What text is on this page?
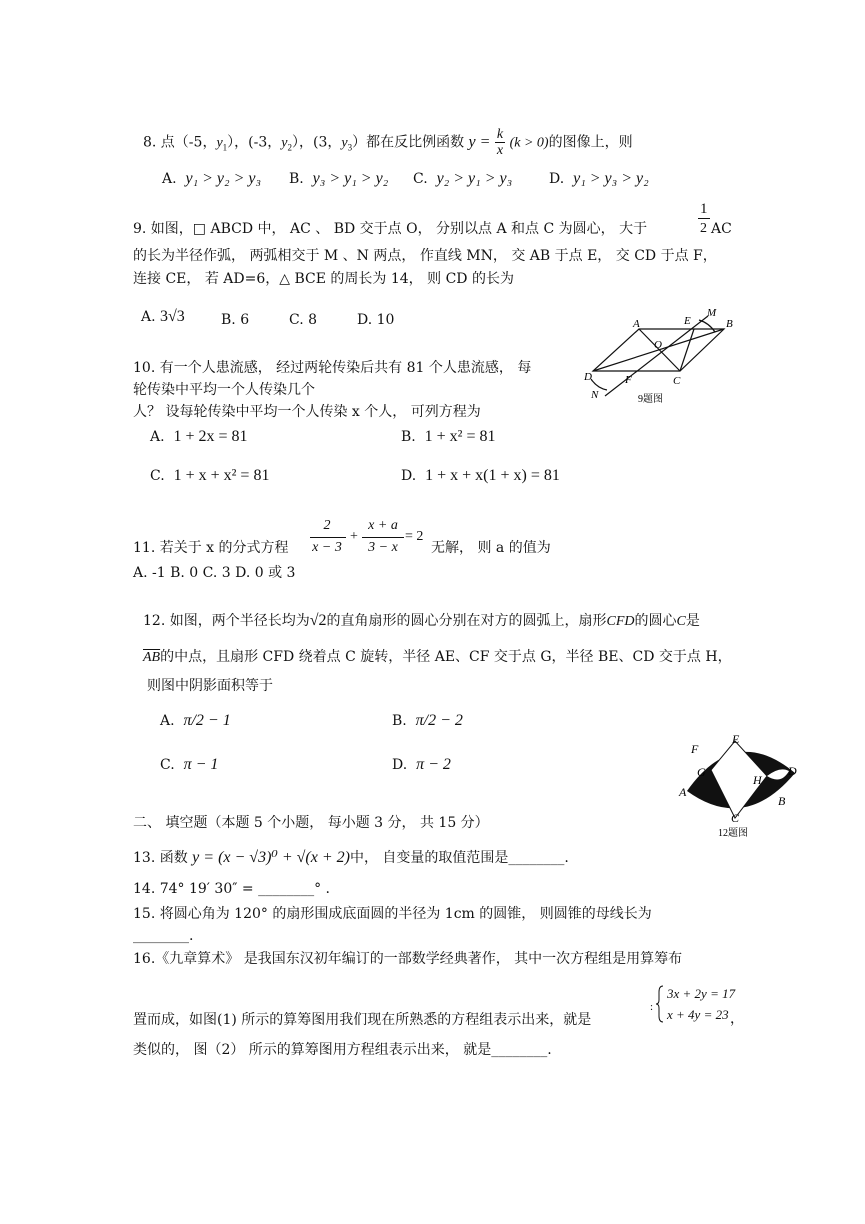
8. 点（-5，$y_1$），(-3，$y_2$），(3，$y_3$）都在反比例函数 $y = \frac{k}{x} (k > 0)$的图像上，则
A. y₁ > y₂ > y₃ B. y₃ > y₁ > y₂ C. y₂ > y₁ > y₃	D. y₁ > y₃ > y₂
9. 如图，□ ABCD 中， AC 、 BD 交于点 O， 分别以点 A 和点 C 为圆心， 大于
1
2 AC
的长为半径作弧， 两弧相交于 M 、N 两点， 作直线 MN， 交 AB 于点 E， 交 CD 于点 F，
连接 CE， 若 AD=6，△ BCE 的周长为 14， 则 CD 的长为
A. 3√3	B. 6	C. 8	D. 10	A	B
C
D
E
F
O
M
N	9题图
10. 有一个人患流感， 经过两轮传染后共有 81 个人患流感， 每
轮传染中平均一个人传染几个
人？ 设每轮传染中平均一个人传染 x 个人， 可列方程为
A. 1 + 2x = 81	B. 1 + x² = 81
C. 1 + x + x² = 81	D. 1 + x + x(1 + x) = 81
11. 若关于 x 的分式方程
2
x − 3
+
x + a
3 − x
= 2
无解， 则 a 的值为
A. -1 B. 0 C. 3 D. 0 或 3
12. 如图，两个半径长均为√2的直角扇形的圆心分别在对方的圆弧上，扇形CFD的圆心C是
$\overline{AB}$的中点，且扇形 CFD 绕着点 C 旋转，半径 AE、CF 交于点 G，半径 BE、CD 交于点 H，
则图中阴影面积等于
A. π/2 − 1	B. π/2 − 2
C. π − 1	D. π − 2
F
E
G
H
D
A
B
C
12题图
二、 填空题（本题 5 个小题， 每小题 3 分， 共 15 分）
13. 函数 y = (x − √3)⁰ + √(x + 2)中， 自变量的取值范围是________.
14. 74° 19′ 30″ = ________° .
15. 将圆心角为 120° 的扇形围成底面圆的半径为 1cm 的圆锥， 则圆锥的母线长为
________.
16.《九章算术》 是我国东汉初年编订的一部数学经典著作， 其中一次方程组是用算筹布
置而成，如图(1) 所示的算筹图用我们现在所熟悉的方程组表示出来，就是
:
3x + 2y = 17
x + 4y = 23 ，
类似的， 图（2） 所示的算筹图用方程组表示出来， 就是________.
